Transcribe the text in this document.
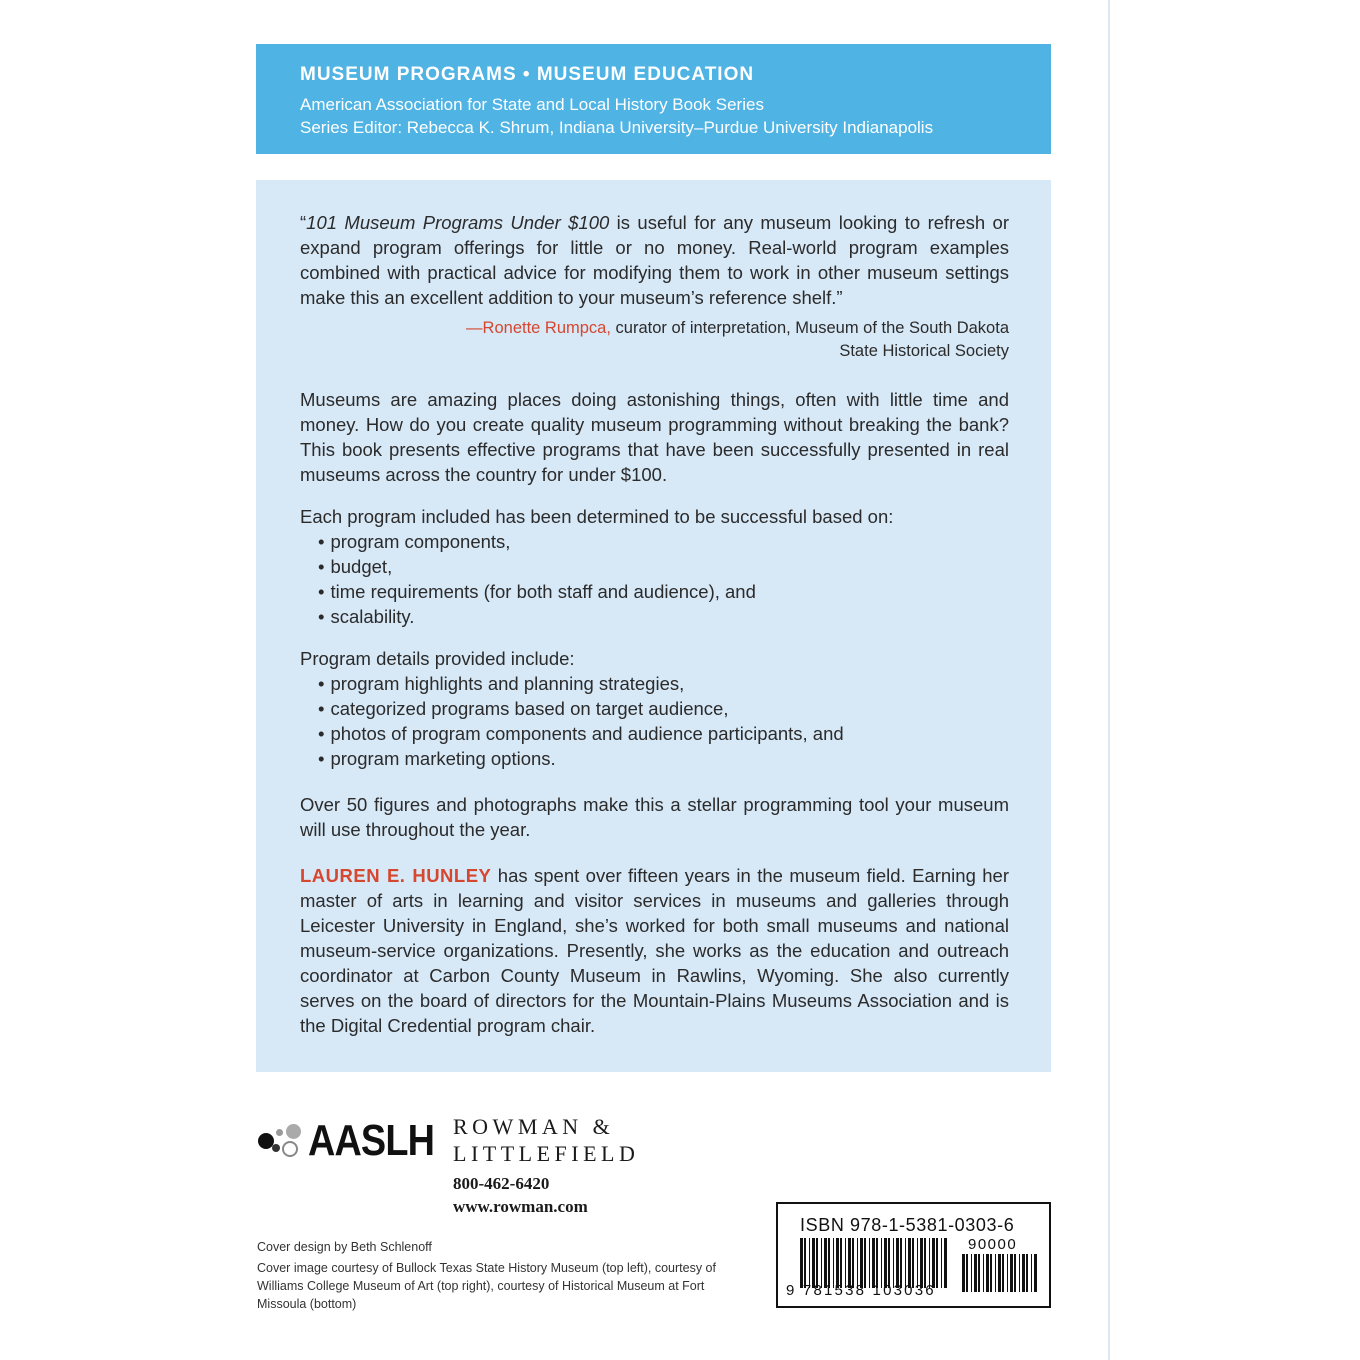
MUSEUM PROGRAMS • MUSEUM EDUCATION
American Association for State and Local History Book Series
Series Editor: Rebecca K. Shrum, Indiana University–Purdue University Indianapolis

“101 Museum Programs Under $100 is useful for any museum looking to refresh or expand program offerings for little or no money. Real-world program examples combined with practical advice for modifying them to work in other museum settings make this an excellent addition to your museum’s reference shelf.”

—Ronette Rumpca, curator of interpretation, Museum of the South Dakota
State Historical Society

Museums are amazing places doing astonishing things, often with little time and money. How do you create quality museum programming without breaking the bank? This book presents effective programs that have been successfully presented in real museums across the country for under $100.

Each program included has been determined to be successful based on:

• program components,
• budget,
• time requirements (for both staff and audience), and
• scalability.

Program details provided include:

• program highlights and planning strategies,
• categorized programs based on target audience,
• photos of program components and audience participants, and
• program marketing options.

Over 50 figures and photographs make this a stellar programming tool your museum will use throughout the year.

LAUREN E. HUNLEY has spent over fifteen years in the museum field. Earning her master of arts in learning and visitor services in museums and galleries through Leicester University in England, she’s worked for both small museums and national museum-service organizations. Presently, she works as the education and outreach coordinator at Carbon County Museum in Rawlins, Wyoming. She also currently serves on the board of directors for the Mountain-Plains Museums Association and is the Digital Credential program chair.

AASLH ROWMAN &
LITTLEFIELD
800-462-6420
www.rowman.com
Cover design by Beth Schlenoff
Cover image courtesy of Bullock Texas State History Museum (top left), courtesy of Williams College Museum of Art (top right), courtesy of Historical Museum at Fort Missoula (bottom)
ISBN 978-1-5381-0303-6
90000
9 781538 103036
